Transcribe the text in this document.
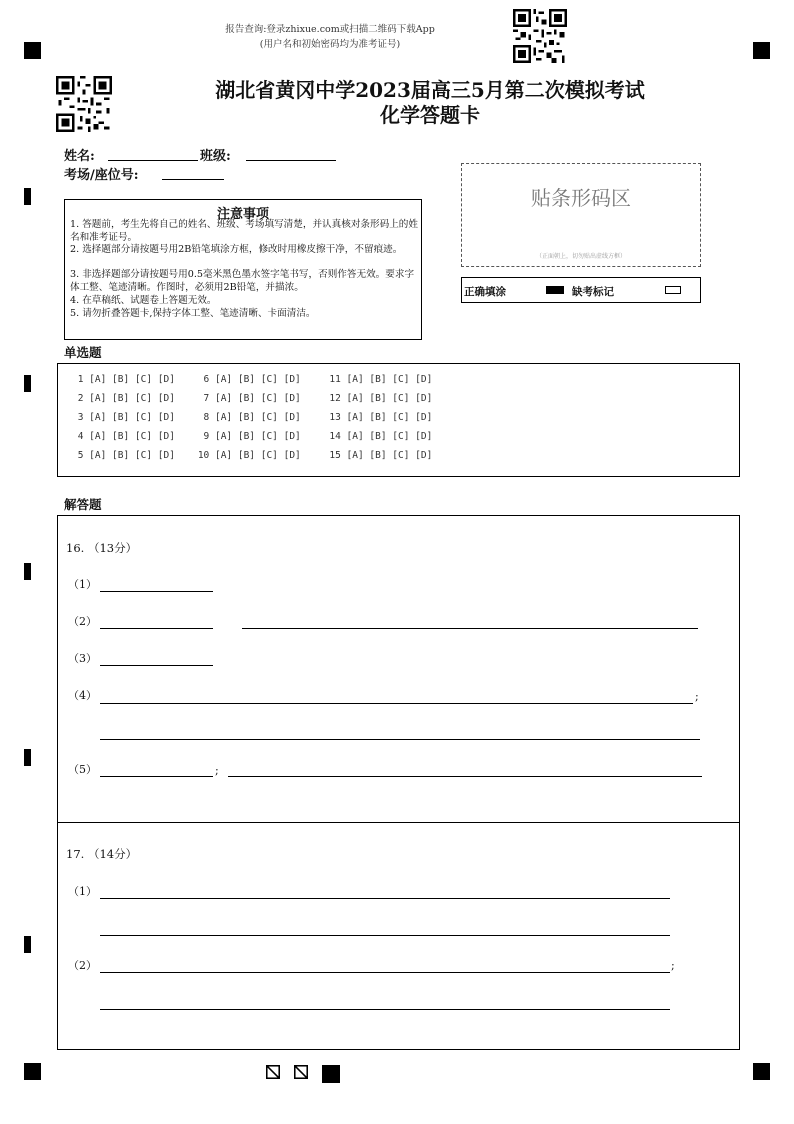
报告查询:登录zhixue.com或扫描二维码下载App
(用户名和初始密码均为准考证号)
湖北省黄冈中学2023届高三5月第二次模拟考试
化学答题卡
姓名:	班级:
考场/座位号:
注意事项
1. 答题前，考生先将自己的姓名、班级、考场填写清楚，并认真核对条形码上的姓名和准考证号。
2. 选择题部分请按题号用2B铅笔填涂方框，修改时用橡皮擦干净，不留痕迹。
3. 非选择题部分请按题号用0.5毫米黑色墨水签字笔书写，否则作答无效。要求字体工整、笔迹清晰。作图时，必须用2B铅笔，并描浓。
4. 在草稿纸、试题卷上答题无效。
5. 请勿折叠答题卡,保持字体工整、笔迹清晰、卡面清洁。
贴条形码区
（正面朝上，切勿贴出虚线方框）
正确填涂	缺考标记
单选题
1 [A] [B] [C] [D]     6 [A] [B] [C] [D]     11 [A] [B] [C] [D]
2 [A] [B] [C] [D]     7 [A] [B] [C] [D]     12 [A] [B] [C] [D]
3 [A] [B] [C] [D]     8 [A] [B] [C] [D]     13 [A] [B] [C] [D]
4 [A] [B] [C] [D]     9 [A] [B] [C] [D]     14 [A] [B] [C] [D]
5 [A] [B] [C] [D]    10 [A] [B] [C] [D]     15 [A] [B] [C] [D]
解答题
16. （13分）
（1）
（2）
（3）
（4）	;
（5）	;
17. （14分）
（1）
（2）	;
